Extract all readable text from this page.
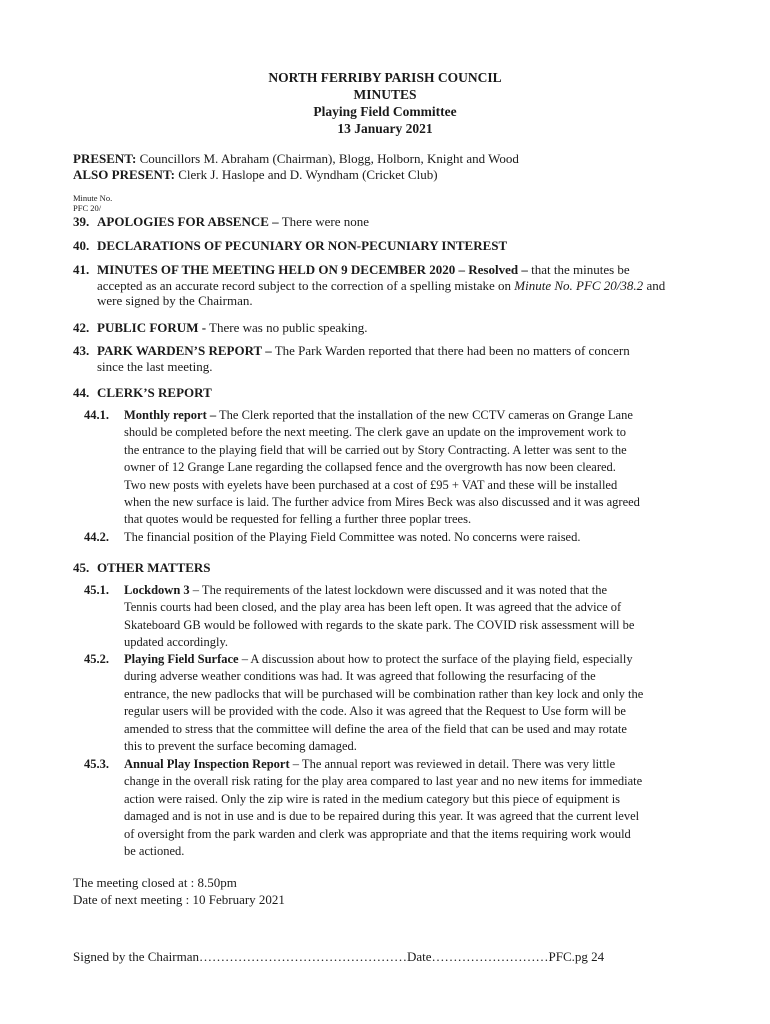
NORTH FERRIBY PARISH COUNCIL
MINUTES
Playing Field Committee
13 January 2021
PRESENT: Councillors M. Abraham (Chairman), Blogg, Holborn, Knight and Wood
ALSO PRESENT: Clerk J. Haslope and D. Wyndham (Cricket Club)
Minute No.
PFC 20/
39. APOLOGIES FOR ABSENCE – There were none
40. DECLARATIONS OF PECUNIARY OR NON-PECUNIARY INTEREST
41. MINUTES OF THE MEETING HELD ON 9 DECEMBER 2020 – Resolved – that the minutes be
accepted as an accurate record subject to the correction of a spelling mistake on Minute No. PFC 20/38.2 and
were signed by the Chairman.
42. PUBLIC FORUM - There was no public speaking.
43. PARK WARDEN’S REPORT – The Park Warden reported that there had been no matters of concern
since the last meeting.
44. CLERK’S REPORT
44.1. Monthly report – The Clerk reported that the installation of the new CCTV cameras on Grange Lane
should be completed before the next meeting. The clerk gave an update on the improvement work to
the entrance to the playing field that will be carried out by Story Contracting. A letter was sent to the
owner of 12 Grange Lane regarding the collapsed fence and the overgrowth has now been cleared.
Two new posts with eyelets have been purchased at a cost of £95 + VAT and these will be installed
when the new surface is laid. The further advice from Mires Beck was also discussed and it was agreed
that quotes would be requested for felling a further three poplar trees.
44.2. The financial position of the Playing Field Committee was noted. No concerns were raised.
45. OTHER MATTERS
45.1. Lockdown 3 – The requirements of the latest lockdown were discussed and it was noted that the
Tennis courts had been closed, and the play area has been left open. It was agreed that the advice of
Skateboard GB would be followed with regards to the skate park. The COVID risk assessment will be
updated accordingly.
45.2. Playing Field Surface – A discussion about how to protect the surface of the playing field, especially
during adverse weather conditions was had. It was agreed that following the resurfacing of the
entrance, the new padlocks that will be purchased will be combination rather than key lock and only the
regular users will be provided with the code. Also it was agreed that the Request to Use form will be
amended to stress that the committee will define the area of the field that can be used and may rotate
this to prevent the surface becoming damaged.
45.3. Annual Play Inspection Report – The annual report was reviewed in detail. There was very little
change in the overall risk rating for the play area compared to last year and no new items for immediate
action were raised. Only the zip wire is rated in the medium category but this piece of equipment is
damaged and is not in use and is due to be repaired during this year. It was agreed that the current level
of oversight from the park warden and clerk was appropriate and that the items requiring work would
be actioned.
The meeting closed at : 8.50pm
Date of next meeting : 10 February 2021
Signed by the Chairman…………………………………………Date………………………PFC.pg 24
